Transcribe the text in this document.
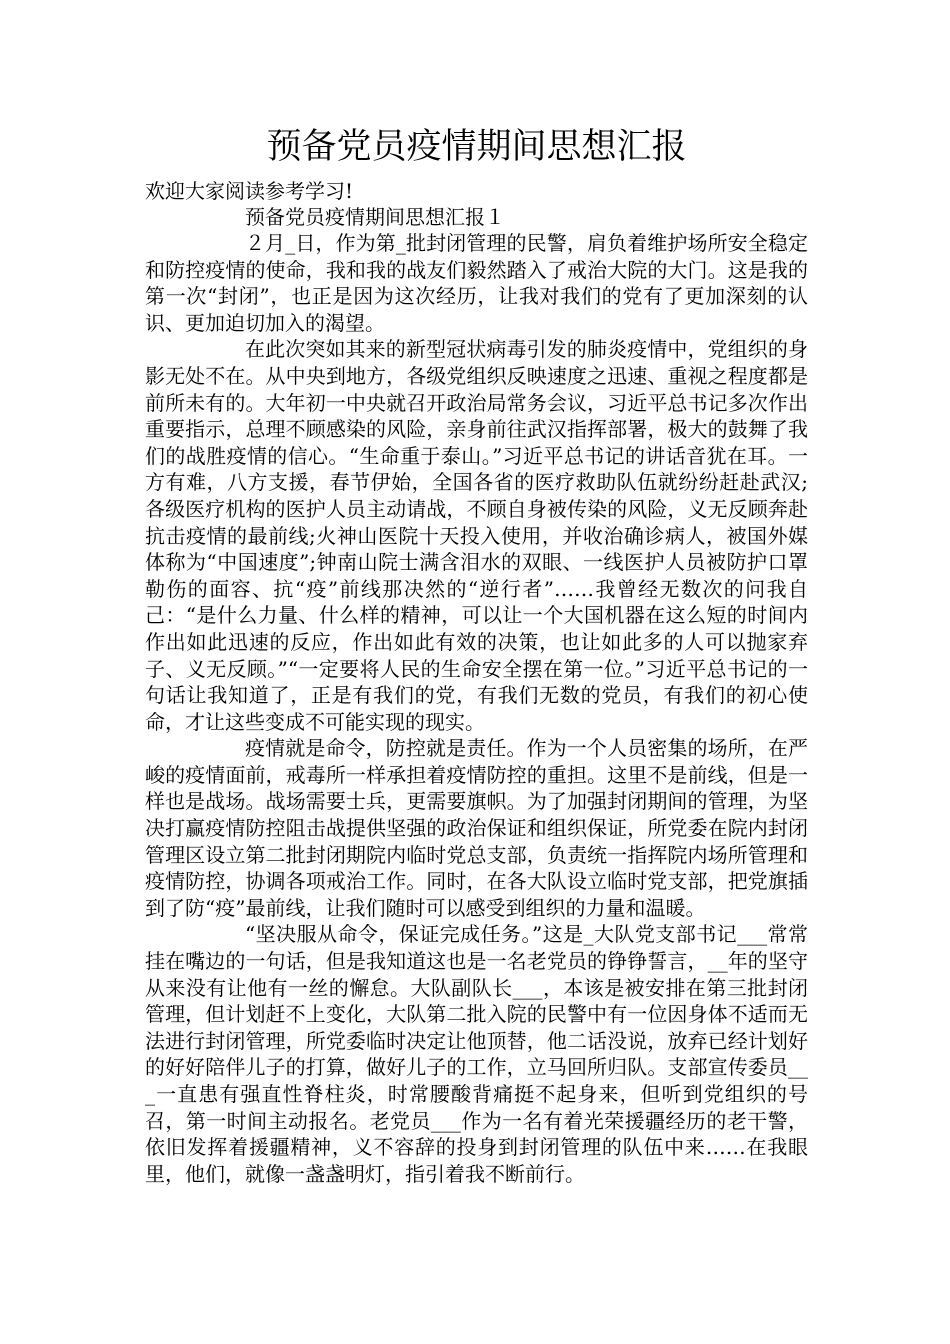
预备党员疫情期间思想汇报

欢迎大家阅读参考学习!

预备党员疫情期间思想汇报１

２月_日，作为第_批封闭管理的民警，肩负着维护场所安全稳定和防控疫情的使命，我和我的战友们毅然踏入了戒治大院的大门。这是我的第一次“封闭”，也正是因为这次经历，让我对我们的党有了更加深刻的认识、更加迫切加入的渴望。

在此次突如其来的新型冠状病毒引发的肺炎疫情中，党组织的身影无处不在。从中央到地方，各级党组织反映速度之迅速、重视之程度都是前所未有的。大年初一中央就召开政治局常务会议，习近平总书记多次作出重要指示，总理不顾感染的风险，亲身前往武汉指挥部署，极大的鼓舞了我们的战胜疫情的信心。“生命重于泰山。”习近平总书记的讲话音犹在耳。一方有难，八方支援，春节伊始，全国各省的医疗救助队伍就纷纷赶赴武汉;各级医疗机构的医护人员主动请战，不顾自身被传染的风险，义无反顾奔赴抗击疫情的最前线;火神山医院十天投入使用，并收治确诊病人，被国外媒体称为“中国速度”;钟南山院士满含泪水的双眼、一线医护人员被防护口罩勒伤的面容、抗“疫”前线那决然的“逆行者”……我曾经无数次的问我自己：“是什么力量、什么样的精神，可以让一个大国机器在这么短的时间内作出如此迅速的反应，作出如此有效的决策，也让如此多的人可以抛家弃子、义无反顾。”“一定要将人民的生命安全摆在第一位。”习近平总书记的一句话让我知道了，正是有我们的党，有我们无数的党员，有我们的初心使命，才让这些变成不可能实现的现实。

疫情就是命令，防控就是责任。作为一个人员密集的场所，在严峻的疫情面前，戒毒所一样承担着疫情防控的重担。这里不是前线，但是一样也是战场。战场需要士兵，更需要旗帜。为了加强封闭期间的管理，为坚决打赢疫情防控阻击战提供坚强的政治保证和组织保证，所党委在院内封闭管理区设立第二批封闭期院内临时党总支部，负责统一指挥院内场所管理和疫情防控，协调各项戒治工作。同时，在各大队设立临时党支部，把党旗插到了防“疫”最前线，让我们随时可以感受到组织的力量和温暖。

“坚决服从命令，保证完成任务。”这是_大队党支部书记___常常挂在嘴边的一句话，但是我知道这也是一名老党员的铮铮誓言，__年的坚守从来没有让他有一丝的懈怠。大队副队长___，本该是被安排在第三批封闭管理，但计划赶不上变化，大队第二批入院的民警中有一位因身体不适而无法进行封闭管理，所党委临时决定让他顶替，他二话没说，放弃已经计划好的好好陪伴儿子的打算，做好儿子的工作，立马回所归队。支部宣传委员___一直患有强直性脊柱炎，时常腰酸背痛挺不起身来，但听到党组织的号召，第一时间主动报名。老党员___作为一名有着光荣援疆经历的老干警，依旧发挥着援疆精神，义不容辞的投身到封闭管理的队伍中来……在我眼里，他们，就像一盏盏明灯，指引着我不断前行。
